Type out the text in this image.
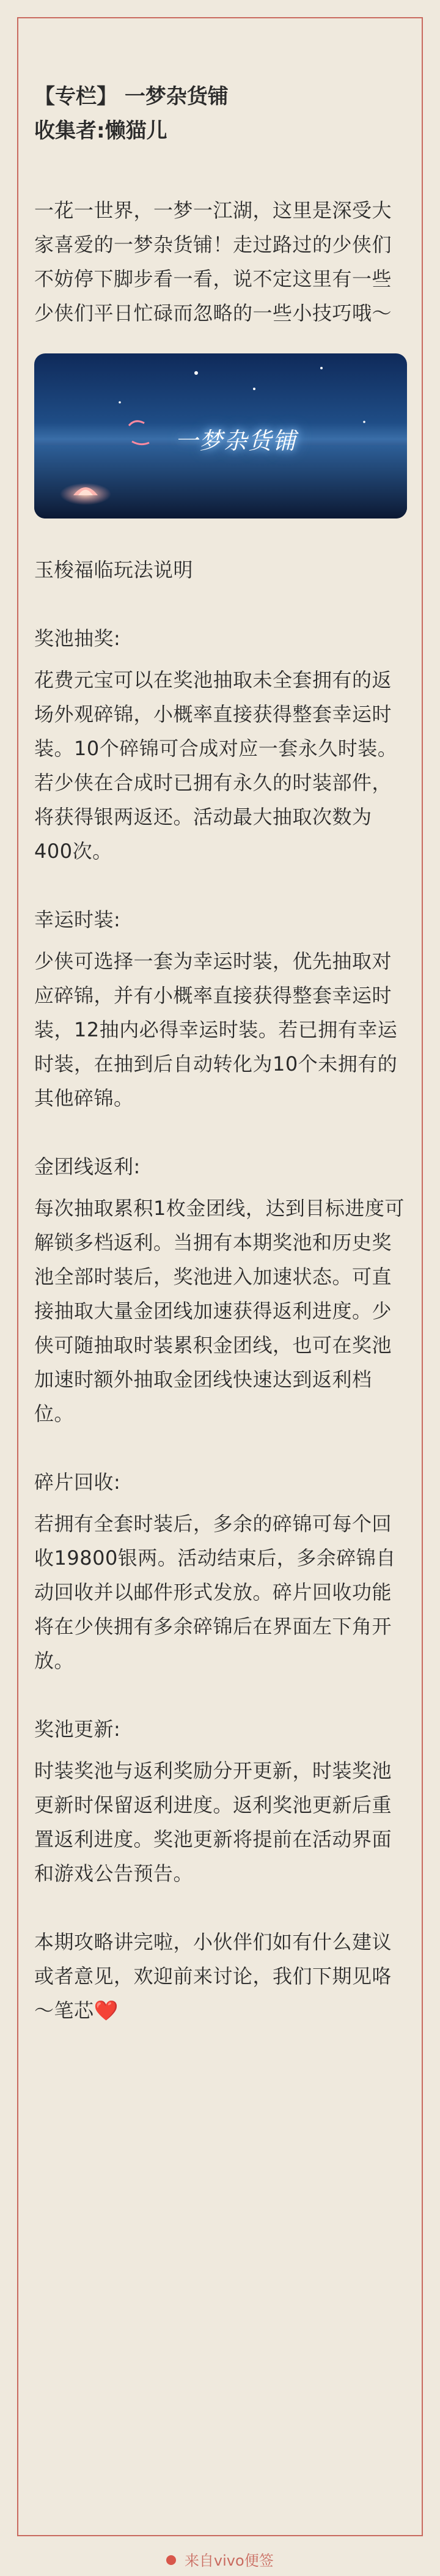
【专栏】 一梦杂货铺

收集者:懒猫儿

一花一世界，一梦一江湖，这里是深受大家喜爱的一梦杂货铺！走过路过的少侠们不妨停下脚步看一看，说不定这里有一些少侠们平日忙碌而忽略的一些小技巧哦～

一梦杂货铺

玉梭福临玩法说明

奖池抽奖:

花费元宝可以在奖池抽取未全套拥有的返场外观碎锦，小概率直接获得整套幸运时装。10个碎锦可合成对应一套永久时装。若少侠在合成时已拥有永久的时装部件，将获得银两返还。活动最大抽取次数为400次。

幸运时装:

少侠可选择一套为幸运时装，优先抽取对应碎锦，并有小概率直接获得整套幸运时装，12抽内必得幸运时装。若已拥有幸运时装，在抽到后自动转化为10个未拥有的其他碎锦。

金团线返利:

每次抽取累积1枚金团线，达到目标进度可解锁多档返利。当拥有本期奖池和历史奖池全部时装后，奖池进入加速状态。可直接抽取大量金团线加速获得返利进度。少侠可随抽取时装累积金团线，也可在奖池加速时额外抽取金团线快速达到返利档位。

碎片回收:

若拥有全套时装后，多余的碎锦可每个回收19800银两。活动结束后，多余碎锦自动回收并以邮件形式发放。碎片回收功能将在少侠拥有多余碎锦后在界面左下角开放。

奖池更新:

时装奖池与返利奖励分开更新，时装奖池更新时保留返利进度。返利奖池更新后重置返利进度。奖池更新将提前在活动界面和游戏公告预告。

本期攻略讲完啦，小伙伴们如有什么建议或者意见，欢迎前来讨论，我们下期见咯～笔芯❤️

来自vivo便签
